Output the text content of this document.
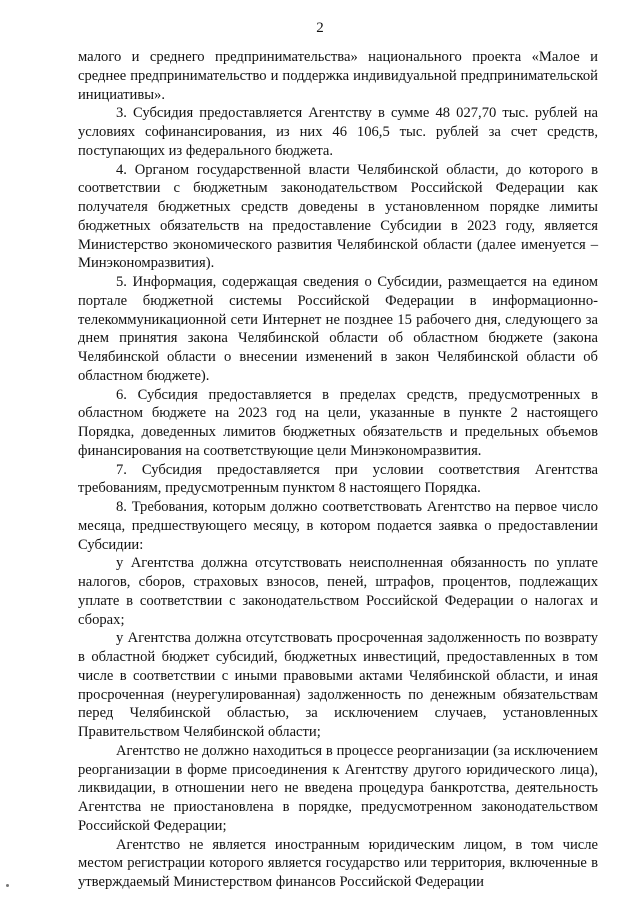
2

малого и среднего предпринимательства» национального проекта «Малое и среднее предпринимательство и поддержка индивидуальной предпринимательской инициативы».

3. Субсидия предоставляется Агентству в сумме 48 027,70 тыс. рублей на условиях софинансирования, из них 46 106,5 тыс. рублей за счет средств, поступающих из федерального бюджета.

4. Органом государственной власти Челябинской области, до которого в соответствии с бюджетным законодательством Российской Федерации как получателя бюджетных средств доведены в установленном порядке лимиты бюджетных обязательств на предоставление Субсидии в 2023 году, является Министерство экономического развития Челябинской области (далее именуется – Минэкономразвития).

5. Информация, содержащая сведения о Субсидии, размещается на едином портале бюджетной системы Российской Федерации в информационно-телекоммуникационной сети Интернет не позднее 15 рабочего дня, следующего за днем принятия закона Челябинской области об областном бюджете (закона Челябинской области о внесении изменений в закон Челябинской области об областном бюджете).

6. Субсидия предоставляется в пределах средств, предусмотренных в областном бюджете на 2023 год на цели, указанные в пункте 2 настоящего Порядка, доведенных лимитов бюджетных обязательств и предельных объемов финансирования на соответствующие цели Минэкономразвития.

7. Субсидия предоставляется при условии соответствия Агентства требованиям, предусмотренным пунктом 8 настоящего Порядка.

8. Требования, которым должно соответствовать Агентство на первое число месяца, предшествующего месяцу, в котором подается заявка о предоставлении Субсидии:

у Агентства должна отсутствовать неисполненная обязанность по уплате налогов, сборов, страховых взносов, пеней, штрафов, процентов, подлежащих уплате в соответствии с законодательством Российской Федерации о налогах и сборах;

у Агентства должна отсутствовать просроченная задолженность по возврату в областной бюджет субсидий, бюджетных инвестиций, предоставленных в том числе в соответствии с иными правовыми актами Челябинской области, и иная просроченная (неурегулированная) задолженность по денежным обязательствам перед Челябинской областью, за исключением случаев, установленных Правительством Челябинской области;

Агентство не должно находиться в процессе реорганизации (за исключением реорганизации в форме присоединения к Агентству другого юридического лица), ликвидации, в отношении него не введена процедура банкротства, деятельность Агентства не приостановлена в порядке, предусмотренном законодательством Российской Федерации;

Агентство не является иностранным юридическим лицом, в том числе местом регистрации которого является государство или территория, включенные в утверждаемый Министерством финансов Российской Федерации
